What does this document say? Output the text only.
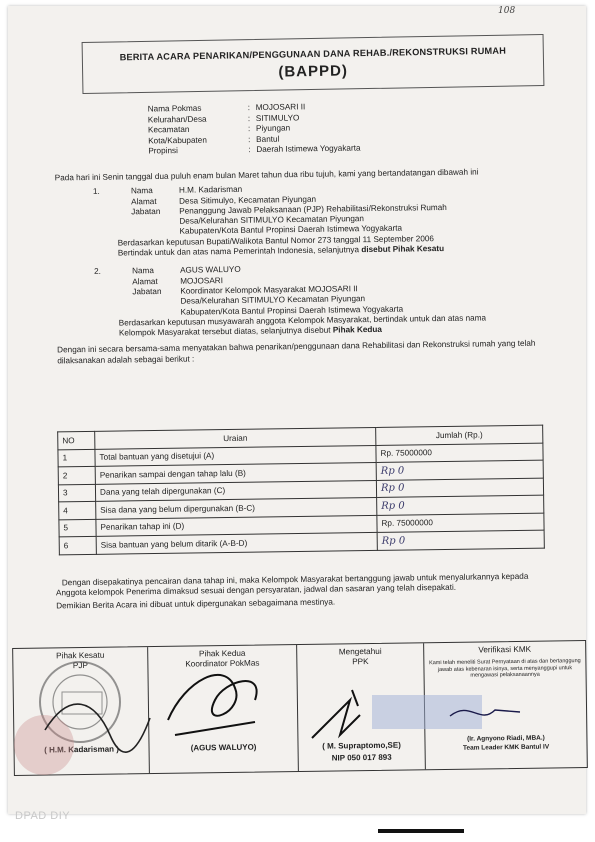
108
BERITA ACARA PENARIKAN/PENGGUNAAN DANA REHAB./REKONSTRUKSI RUMAH
(BAPPD)
Nama Pokmas	: MOJOSARI II
Kelurahan/Desa	: SITIMULYO
Kecamatan	: Piyungan
Kota/Kabupaten	: Bantul
Propinsi	: Daerah Istimewa Yogyakarta

Pada hari ini Senin tanggal dua puluh enam bulan Maret tahun dua ribu tujuh, kami yang bertandatangan dibawah ini

1.	Nama	H.M. Kadarisman
Alamat	Desa Sitimulyo, Kecamatan Piyungan
Jabatan	Penanggung Jawab Pelaksanaan (PJP) Rehabilitasi/Rekonstruksi Rumah
Desa/Kelurahan SITIMULYO Kecamatan Piyungan
Kabupaten/Kota Bantul Propinsi Daerah Istimewa Yogyakarta
Berdasarkan keputusan Bupati/Walikota Bantul Nomor 273 tanggal 11 September 2006
Bertindak untuk dan atas nama Pemerintah Indonesia, selanjutnya disebut Pihak Kesatu
2.	Nama	AGUS WALUYO
Alamat	MOJOSARI
Jabatan	Koordinator Kelompok Masyarakat MOJOSARI II
Desa/Kelurahan SITIMULYO Kecamatan Piyungan
Kabupaten/Kota Bantul Propinsi Daerah Istimewa Yogyakarta
Berdasarkan keputusan musyawarah anggota Kelompok Masyarakat, bertindak untuk dan atas nama
Kelompok Masyarakat tersebut diatas, selanjutnya disebut Pihak Kedua

Dengan ini secara bersama-sama menyatakan bahwa penarikan/penggunaan dana Rehabilitasi dan Rekonstruksi rumah yang telah dilaksanakan adalah sebagai berikut :

NO	Uraian	Jumlah (Rp.)
1	Total bantuan yang disetujui (A)	Rp. 75000000
2	Penarikan sampai dengan tahap lalu (B)	Rp 0
3	Dana yang telah dipergunakan (C)	Rp 0
4	Sisa dana yang belum dipergunakan (B-C)	Rp 0
5	Penarikan tahap ini (D)	Rp. 75000000
6	Sisa bantuan yang belum ditarik (A-B-D)	Rp 0

Dengan disepakatinya pencairan dana tahap ini, maka Kelompok Masyarakat bertanggung jawab untuk menyalurkannya kepada Anggota kelompok Penerima dimaksud sesuai dengan persyaratan, jadwal dan sasaran yang telah disepakati.

Demikian Berita Acara ini dibuat untuk dipergunakan sebagaimana mestinya.

Pihak Kesatu
PJP
( H.M. Kadarisman )
Pihak Kedua
Koordinator PokMas
(AGUS WALUYO)
Mengetahui
PPK
( M. Supraptomo,SE)
NIP 050 017 893
Verifikasi KMK
Kami telah meneliti Surat Pernyataan di atas dan bertanggung jawab atas kebenaran isinya, serta menyanggupi untuk mengawasi pelaksanaannya
(Ir. Agnyono Riadi, MBA.)
Team Leader KMK Bantul IV
DPAD DIY
